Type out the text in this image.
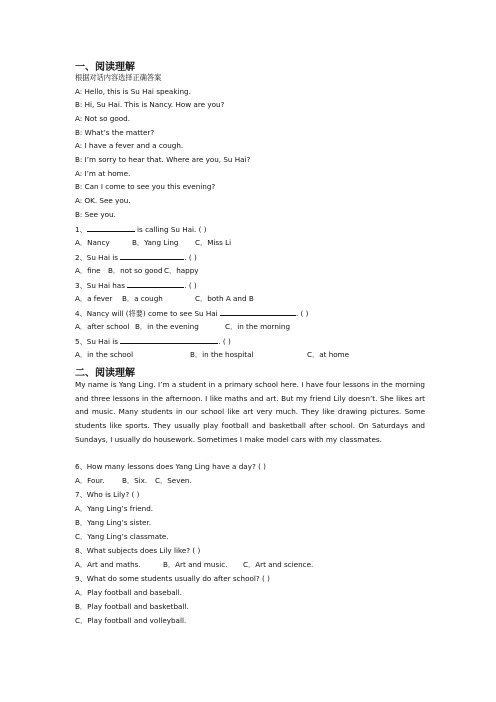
一、阅读理解
根据对话内容选择正确答案
A: Hello, this is Su Hai speaking.
B: Hi, Su Hai. This is Nancy. How are you?
A: Not so good.
B: What’s the matter?
A: I have a fever and a cough.
B: I’m sorry to hear that. Where are you, Su Hai?
A: I’m at home.
B: Can I come to see you this evening?
A: OK. See you.
B: See you.
1、	is calling Su Hai. ( )
A．Nancy	B．Yang Ling C．Miss Li
2、Su Hai is	. ( )
A．fine B．not so good C．happy
3、Su Hai has	. ( )
A．a fever B．a cough	C．both A and B
4、Nancy will (将要) come to see Su Hai	. ( )
A．after school B．in the evening	C．in the morning
5、Su Hai is	. ( )
A．in the school	B．in the hospital	C．at home
二、阅读理解
My name is Yang Ling. I’m a student in a primary school here. I have four lessons in the morning and three lessons in the afternoon. I like maths and art. But my friend Lily doesn’t. She likes art and music. Many students in our school like art very much. They like drawing pictures. Some students like sports. They usually play football and basketball after school. On Saturdays and Sundays, I usually do housework. Sometimes I make model cars with my classmates.
6、How many lessons does Yang Ling have a day? ( )
A．Four. B．Six. C．Seven.
7、Who is Lily? ( )
A．Yang Ling’s friend.
B．Yang Ling’s sister.
C．Yang Ling’s classmate.
8、What subjects does Lily like? ( )
A．Art and maths.	B．Art and music. C．Art and science.
9、What do some students usually do after school? ( )
A．Play football and baseball.
B．Play football and basketball.
C．Play football and volleyball.
